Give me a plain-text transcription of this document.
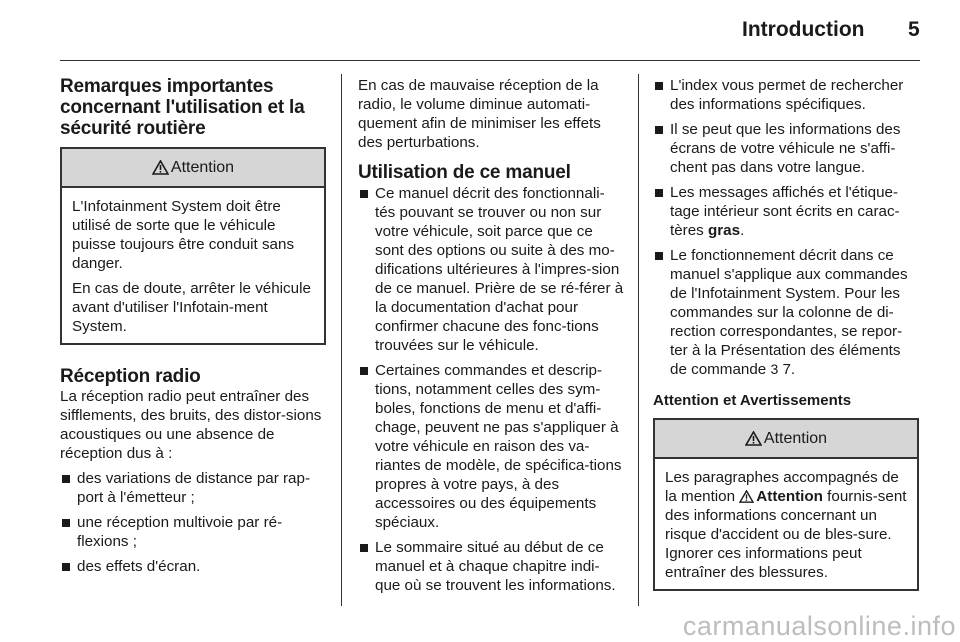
Introduction 5
Remarques importantes concernant l'utilisation et la sécurité routière
Attention

L'Infotainment System doit être utilisé de sorte que le véhicule puisse toujours être conduit sans danger.

En cas de doute, arrêter le véhicule avant d'utiliser l'Infotain-ment System.

Réception radio

La réception radio peut entraîner des sifflements, des bruits, des distor-sions acoustiques ou une absence de réception dus à :

des variations de distance par rap-port à l'émetteur ;
une réception multivoie par ré-flexions ;
des effets d'écran.

En cas de mauvaise réception de la radio, le volume diminue automati-quement afin de minimiser les effets des perturbations.

Utilisation de ce manuel
Ce manuel décrit des fonctionnali-tés pouvant se trouver ou non sur votre véhicule, soit parce que ce sont des options ou suite à des mo-difications ultérieures à l'impres-sion de ce manuel. Prière de se ré-férer à la documentation d'achat pour confirmer chacune des fonc-tions trouvées sur le véhicule.
Certaines commandes et descrip-tions, notamment celles des sym-boles, fonctions de menu et d'affi-chage, peuvent ne pas s'appliquer à votre véhicule en raison des va-riantes de modèle, de spécifica-tions propres à votre pays, à des accessoires ou des équipements spéciaux.
Le sommaire situé au début de ce manuel et à chaque chapitre indi-que où se trouvent les informations.
L'index vous permet de rechercher des informations spécifiques.
Il se peut que les informations des écrans de votre véhicule ne s'affi-chent pas dans votre langue.
Les messages affichés et l'étique-tage intérieur sont écrits en carac-tères gras.
Le fonctionnement décrit dans ce manuel s'applique aux commandes de l'Infotainment System. Pour les commandes sur la colonne de di-rection correspondantes, se repor-ter à la Présentation des éléments de commande 3 7.
Attention et Avertissements
Attention

Les paragraphes accompagnés de la mention Attention fournis-sent des informations concernant un risque d'accident ou de bles-sure. Ignorer ces informations peut entraîner des blessures.

carmanualsonline.info
